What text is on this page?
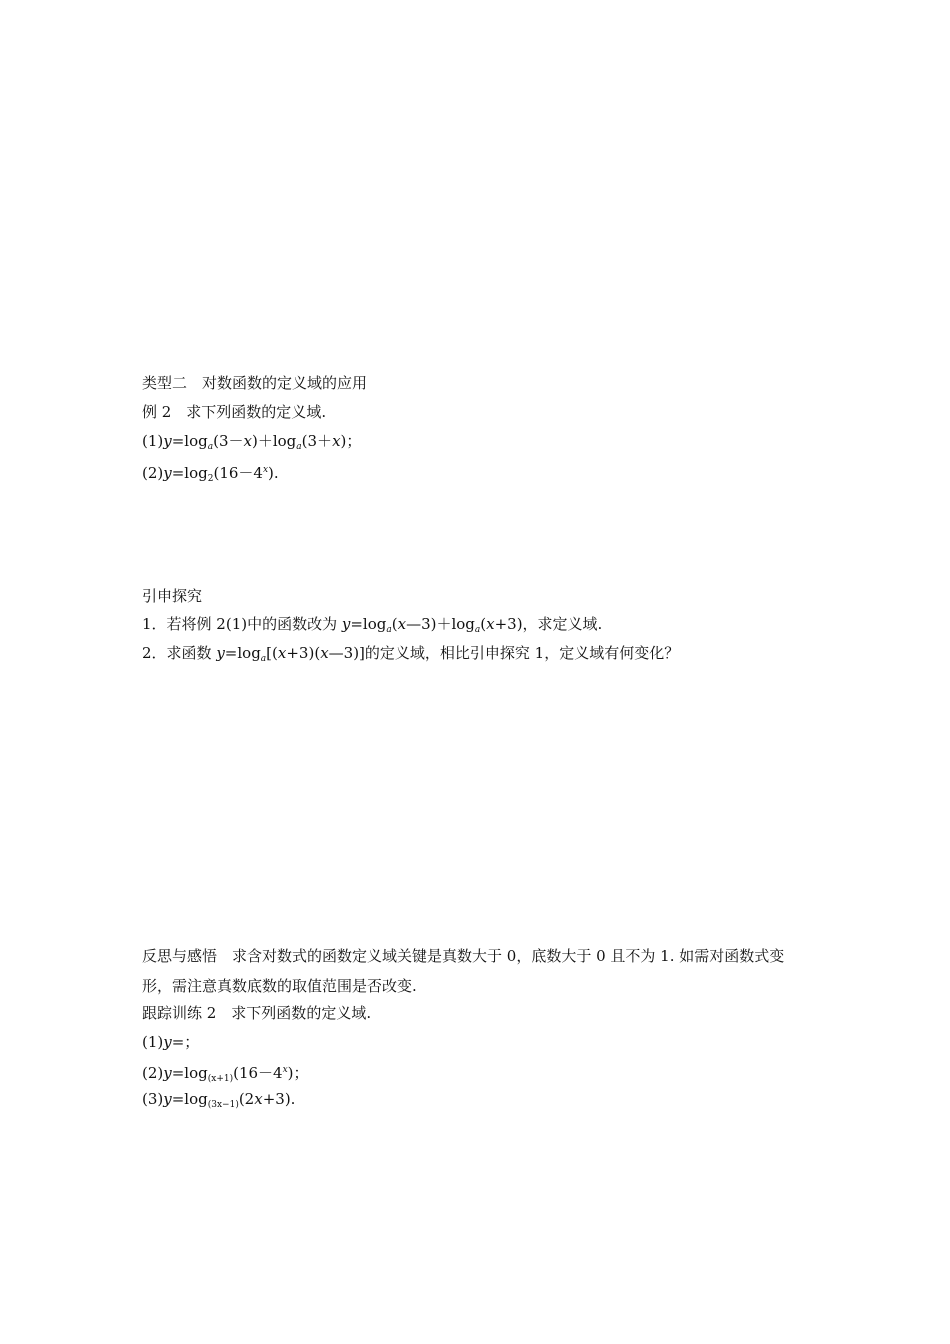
类型二　对数函数的定义域的应用
例 2　求下列函数的定义域.
$(1)y=\log_a(3-x)+\log_a(3+x)$；
$(2)y=\log_2(16-4^x)$.
引申探究
1．若将例 2(1)中的函数改为 $y=\log_a(x—3)+\log_a(x+3)$，求定义域.
2．求函数 $y=\log_a[(x+3)(x—3)]$的定义域，相比引申探究 1，定义域有何变化？
反思与感悟　求含对数式的函数定义域关键是真数大于 0，底数大于 0 且不为 1. 如需对函数式变形，需注意真数底数的取值范围是否改变.
跟踪训练 2　求下列函数的定义域.
(1)y=；
$(2)y=\log_{(x+1)}(16-4^x)$；
$(3)y=\log_{(3x-1)}(2x+3)$.
